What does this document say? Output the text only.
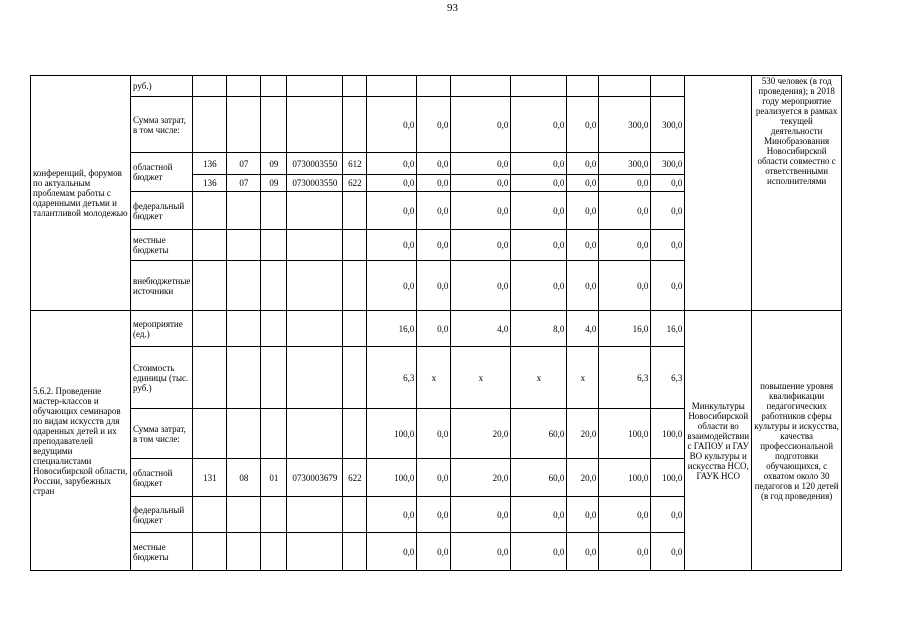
93
конференций, форумов по актуальным проблемам работы с одаренными детьми и талантливой молодежью	руб.)														530 человек (в год проведения); в 2018 году мероприятие реализуется в рамках текущей деятельности Минобразования Новосибирской области совместно с ответственными исполнителями
	Сумма затрат, в том числе:						0,0	0,0	0,0	0,0	0,0	300,0	300,0		
	областной бюджет	136	07	09	0730003550	612	0,0	0,0	0,0	0,0	0,0	300,0	300,0		
		136	07	09	0730003550	622	0,0	0,0	0,0	0,0	0,0	0,0	0,0		
	федеральный бюджет						0,0	0,0	0,0	0,0	0,0	0,0	0,0		
	местные бюджеты						0,0	0,0	0,0	0,0	0,0	0,0	0,0		
	внебюджетные источники						0,0	0,0	0,0	0,0	0,0	0,0	0,0		
5.6.2. Проведение мастер-классов и обучающих семинаров по видам искусств для одаренных детей и их преподавателей ведущими специалистами Новосибирской области, России, зарубежных стран	мероприятие (ед.)						16,0	0,0	4,0	8,0	4,0	16,0	16,0	Минкультуры Новосибирской области во взаимодействии с ГАПОУ и ГАУ ВО культуры и искусства НСО, ГАУК НСО	повышение уровня квалификации педагогических работников сферы культуры и искусства, качества профессиональной подготовки обучающихся, с охватом около 30 педагогов и 120 детей (в год проведения)
	Стоимость единицы (тыс. руб.)						6,3	х	х	х	х	6,3	6,3		
	Сумма затрат, в том числе:						100,0	0,0	20,0	60,0	20,0	100,0	100,0		
	областной бюджет	131	08	01	0730003679	622	100,0	0,0	20,0	60,0	20,0	100,0	100,0		
	федеральный бюджет						0,0	0,0	0,0	0,0	0,0	0,0	0,0		
	местные бюджеты						0,0	0,0	0,0	0,0	0,0	0,0	0,0		
